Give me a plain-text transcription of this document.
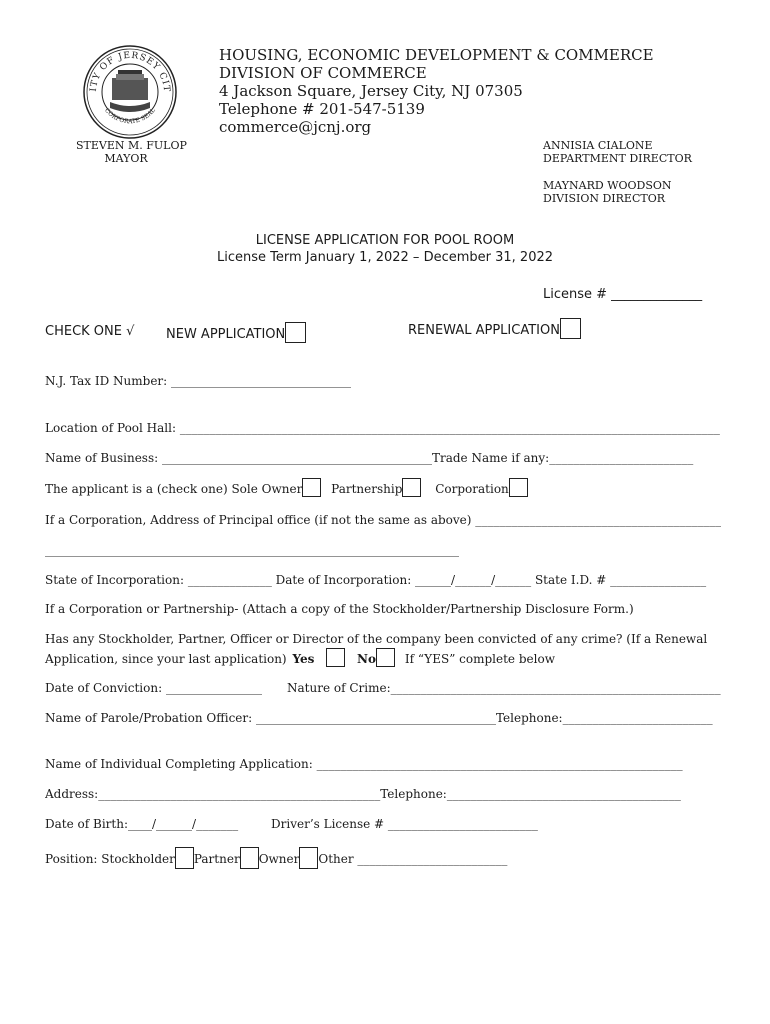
ITY OF JERSEY CIT
CORPORATE SEAL
HOUSING, ECONOMIC DEVELOPMENT & COMMERCE
DIVISION OF COMMERCE
4 Jackson Square, Jersey City, NJ 07305
Telephone # 201-547-5139
commerce@jcnj.org
STEVEN M. FULOP
MAYOR
ANNISIA CIALONE
DEPARTMENT DIRECTOR
MAYNARD WOODSON
DIVISION DIRECTOR
LICENSE APPLICATION FOR POOL ROOM
License Term January 1, 2022 – December 31, 2022
License # ______________
CHECK ONE √ NEW APPLICATION	RENEWAL APPLICATION
N.J. Tax ID Number: ______________________________
Location of Pool Hall: __________________________________________________________________________________________
Name of Business: _____________________________________________Trade Name if any:________________________
The applicant is a (check one) Sole Owner Partnership	Corporation
If a Corporation, Address of Principal office (if not the same as above) _________________________________________
_____________________________________________________________________
State of Incorporation: ______________ Date of Incorporation: ______/______/______ State I.D. # ________________
If a Corporation or Partnership- (Attach a copy of the Stockholder/Partnership Disclosure Form.)
Has any Stockholder, Partner, Officer or Director of the company been convicted of any crime? (If a Renewal
Application, since your last application) Yes	No If “YES” complete below
Date of Conviction: ________________ Nature of Crime:_______________________________________________________
Name of Parole/Probation Officer: ________________________________________Telephone:_________________________
Name of Individual Completing Application: _____________________________________________________________
Address:_______________________________________________Telephone:_______________________________________
Date of Birth:____/______/_______	Driver’s License # _________________________
Position: Stockholder Partner Owner Other _________________________
